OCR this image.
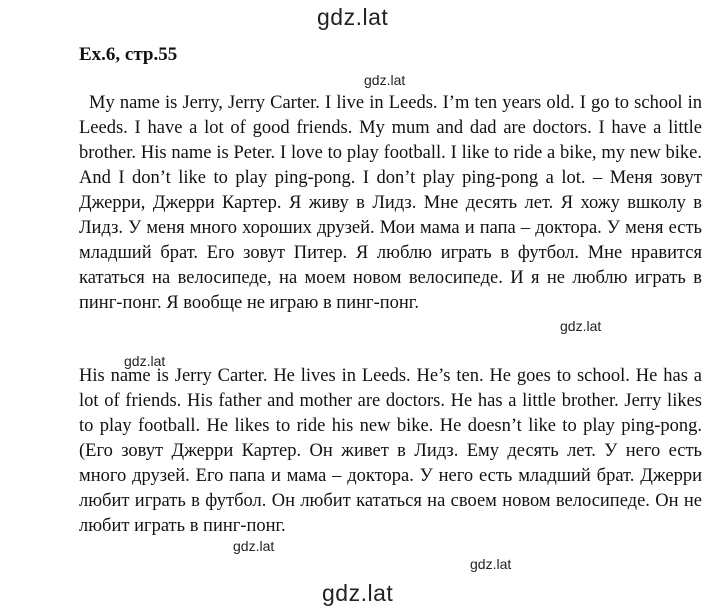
gdz.lat
Ex.6, стр.55
gdz.lat
My name is Jerry, Jerry Carter. I live in Leeds. I’m ten years old. I go to school in Leeds. I have a lot of good friends. My mum and dad are doctors. I have a little brother. His name is Peter. I love to play football. I like to ride a bike, my new bike. And I don’t like to play ping-pong. I don’t play ping-pong a lot. – Меня зовут Джерри, Джерри Картер. Я живу в Лидз. Мне десять лет. Я хожу вшколу в Лидз. У меня много хороших друзей. Мои мама и папа – доктора. У меня есть младший брат. Его зовут Питер. Я люблю играть в футбол. Мне нравится кататься на велосипеде, на моем новом велосипеде. И я не люблю играть в пинг-понг. Я вообще не играю в пинг-понг.
gdz.lat
gdz.lat
His name is Jerry Carter. He lives in Leeds. He’s ten. He goes to school. He has a lot of friends. His father and mother are doctors. He has a little brother. Jerry likes to play football. He likes to ride his new bike. He doesn’t like to play ping-pong. (Его зовут Джерри Картер. Он живет в Лидз. Ему десять лет. У него есть много друзей. Его папа и мама – доктора. У него есть младший брат. Джерри любит играть в футбол. Он любит кататься на своем новом велосипеде. Он не любит играть в пинг-понг.
gdz.lat
gdz.lat
gdz.lat
